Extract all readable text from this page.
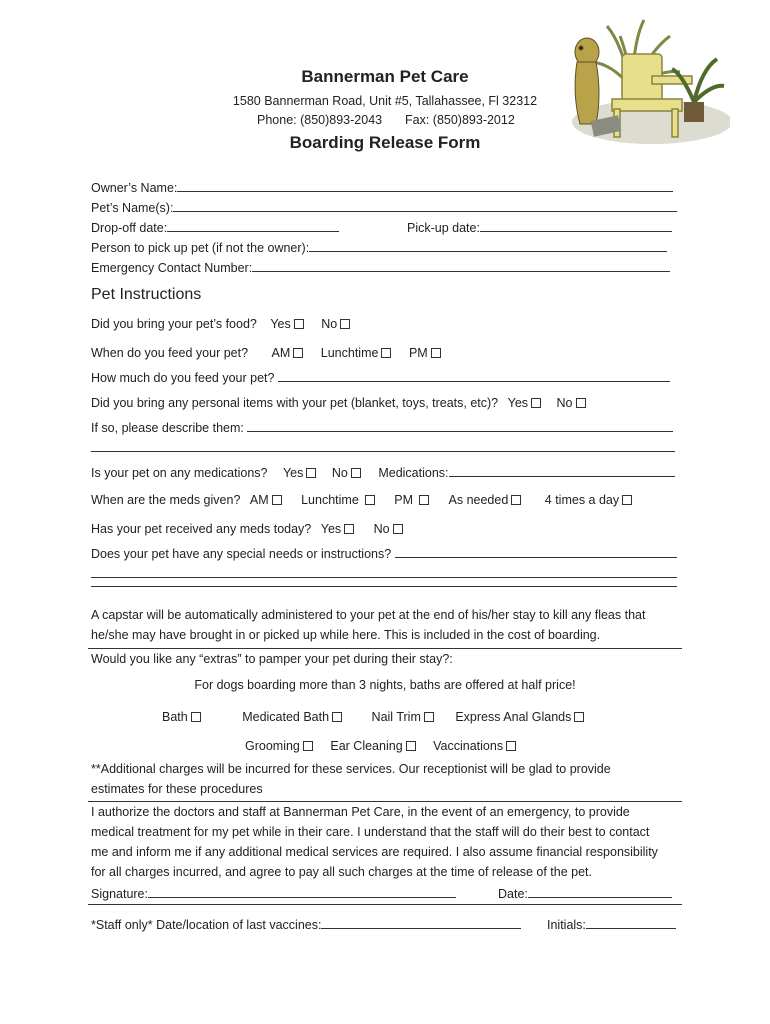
Bannerman Pet Care
1580 Bannerman Road, Unit #5, Tallahassee, Fl 32312
Phone: (850)893-2043 Fax: (850)893-2012
Boarding Release Form
Owner’s Name:
Pet’s Name(s):
Drop-off date:	Pick-up date:
Person to pick up pet (if not the owner):
Emergency Contact Number:
Pet Instructions
Did you bring your pet’s food? Yes No
When do you feed your pet? AM Lunchtime PM
How much do you feed your pet?
Did you bring any personal items with your pet (blanket, toys, treats, etc)? Yes No
If so, please describe them:
Is your pet on any medications? Yes No Medications:
When are the meds given? AM	Lunchtime	PM	As needed	4 times a day
Has your pet received any meds today? Yes	No
Does your pet have any special needs or instructions?
A capstar will be automatically administered to your pet at the end of his/her stay to kill any fleas that
he/she may have brought in or picked up while here. This is included in the cost of boarding.
Would you like any “extras” to pamper your pet during their stay?:
For dogs boarding more than 3 nights, baths are offered at half price!
Bath	Medicated Bath	Nail Trim	Express Anal Glands
Grooming Ear Cleaning Vaccinations
**Additional charges will be incurred for these services. Our receptionist will be glad to provide
estimates for these procedures
I authorize the doctors and staff at Bannerman Pet Care, in the event of an emergency, to provide
medical treatment for my pet while in their care. I understand that the staff will do their best to contact
me and inform me if any additional medical services are required. I also assume financial responsibility
for all charges incurred, and agree to pay all such charges at the time of release of the pet.
Signature:	Date:
*Staff only* Date/location of last vaccines:	Initials:
